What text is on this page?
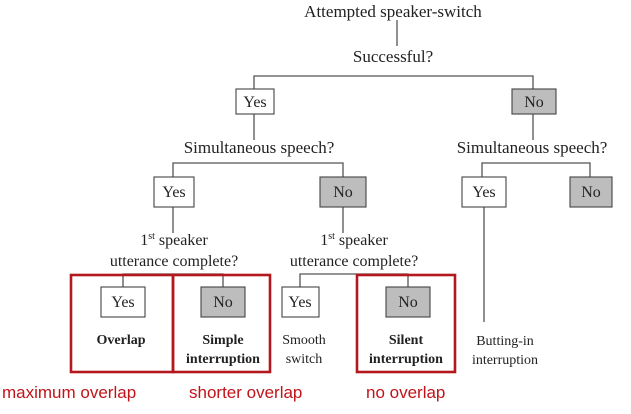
Attempted speaker-switch
Successful?
Yes	No
Simultaneous speech?	Simultaneous speech?
Yes	No	Yes	No
1st speaker
utterance complete?
1st speaker
utterance complete?
Yes	No	Yes	No
Overlap	Simple
interruption
Smooth
switch
Silent
interruption
Butting-in
interruption
maximum overlap	shorter overlap	no overlap
